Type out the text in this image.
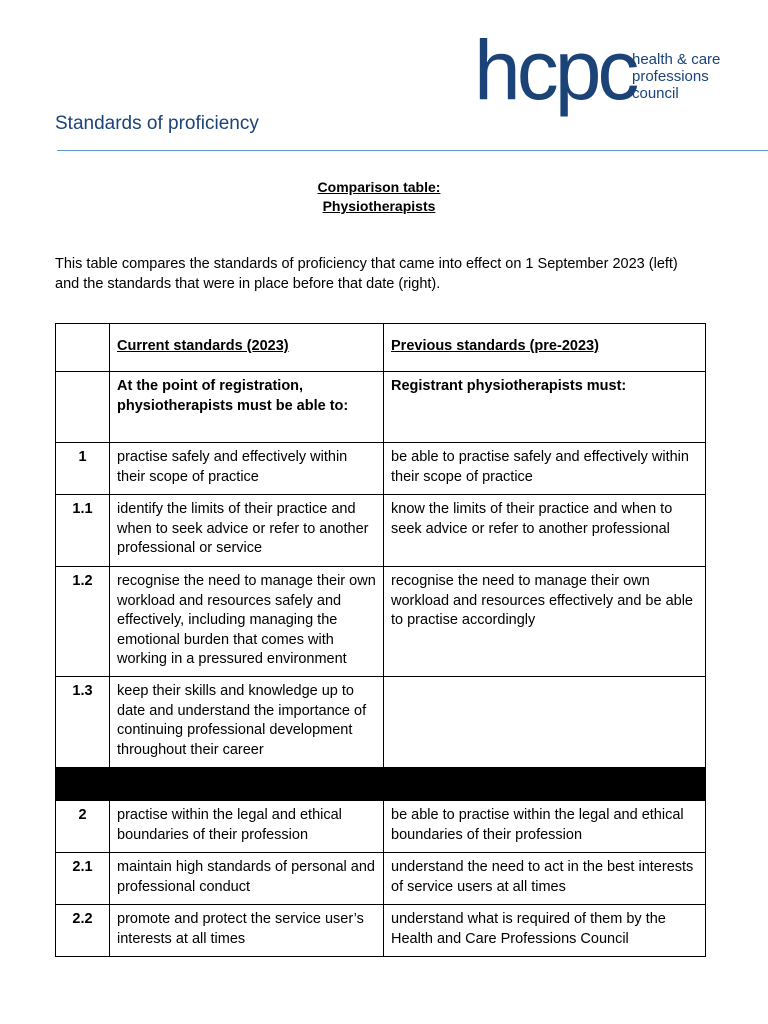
hcpc
health & care
professions
council
Standards of proficiency
Comparison table:
Physiotherapists
This table compares the standards of proficiency that came into effect on 1 September 2023 (left) and the standards that were in place before that date (right).
	Current standards (2023)	Previous standards (pre-2023)
	At the point of registration, physiotherapists must be able to:	Registrant physiotherapists must:
1	practise safely and effectively within their scope of practice	be able to practise safely and effectively within their scope of practice
1.1	identify the limits of their practice and when to seek advice or refer to another professional or service	know the limits of their practice and when to seek advice or refer to another professional
1.2	recognise the need to manage their own workload and resources safely and effectively, including managing the emotional burden that comes with working in a pressured environment	recognise the need to manage their own workload and resources effectively and be able to practise accordingly
1.3	keep their skills and knowledge up to date and understand the importance of continuing professional development throughout their career	

2	practise within the legal and ethical boundaries of their profession	be able to practise within the legal and ethical boundaries of their profession
2.1	maintain high standards of personal and professional conduct	understand the need to act in the best interests of service users at all times
2.2	promote and protect the service user’s interests at all times	understand what is required of them by the Health and Care Professions Council
